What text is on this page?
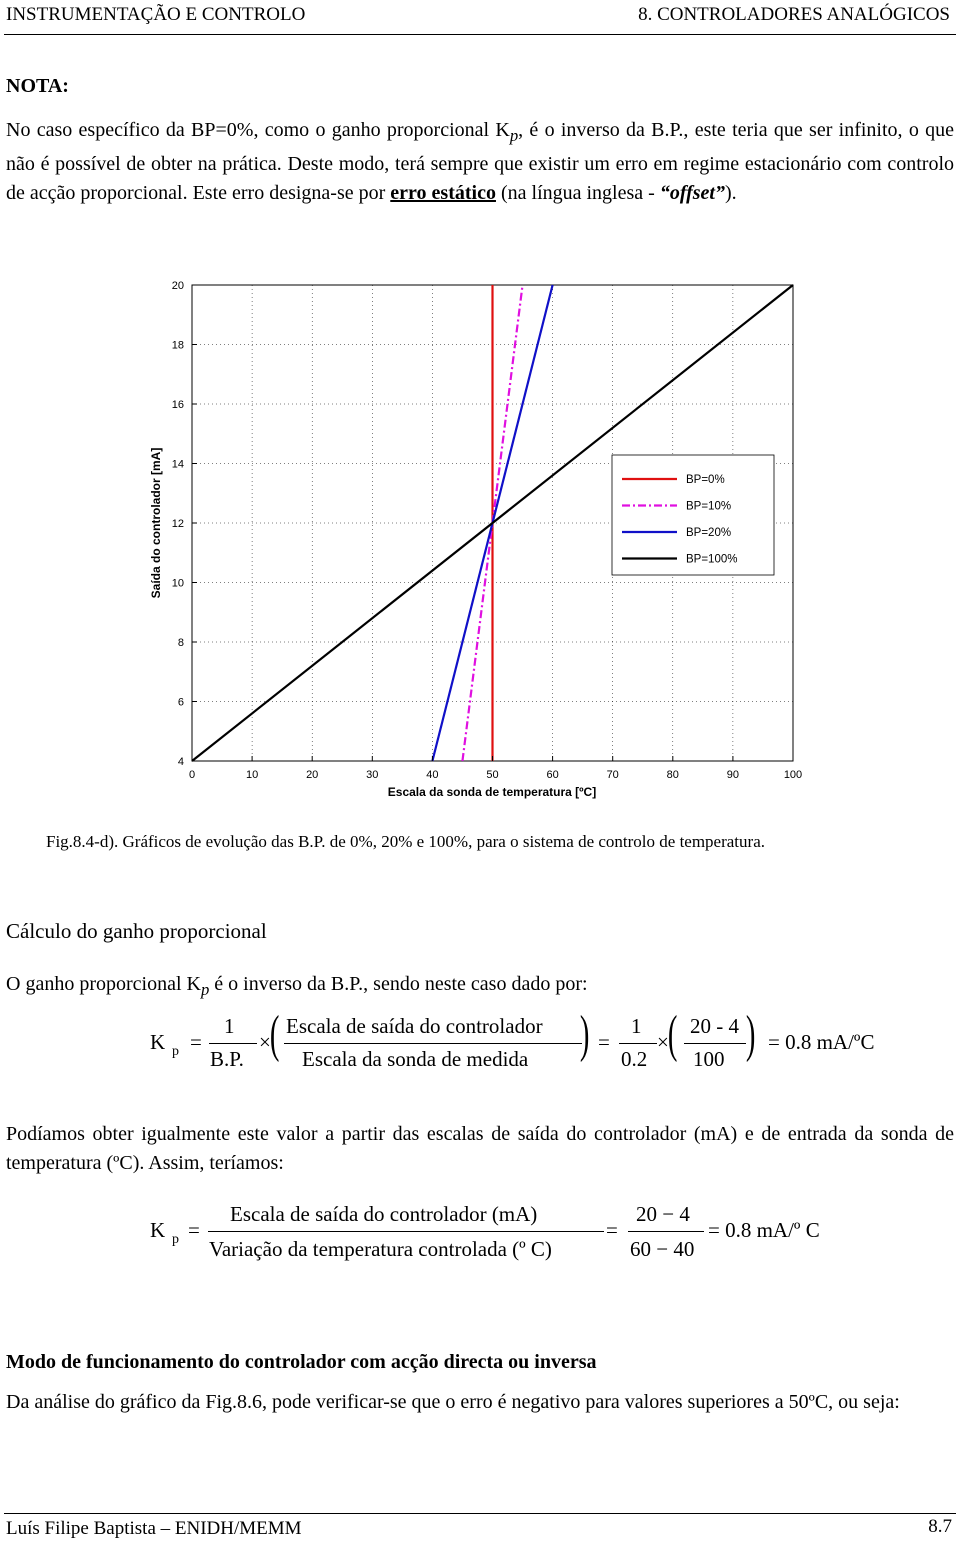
INSTRUMENTAÇÃO E CONTROLO	8. CONTROLADORES ANALÓGICOS
NOTA:
No caso específico da BP=0%, como o ganho proporcional $K_p$, é o inverso da B.P., este teria que ser infinito, o que não é possível de obter na prática. Deste modo, terá sempre que existir um erro em regime estacionário com controlo de acção proporcional. Este erro designa-se por erro estático (na língua inglesa - “offset”).
0	10	20	30	40	50	60	70	80	90	100
4
6
8
10
12
14
16
18
20
Escala da sonda de temperatura [ºC]
Saída do controlador [mA]	BP=0%
BP=10%
BP=20%
BP=100%
Fig.8.4-d). Gráficos de evolução das B.P. de 0%, 20% e 100%, para o sistema de controlo de temperatura.
Cálculo do ganho proporcional
O ganho proporcional $K_p$ é o inverso da B.P., sendo neste caso dado por:
K p =
1
B.P.
× ( Escala de saída do controlador
Escala da sonda de medida ) =
1
0.2
× ( 20 - 4
100 ) = 0.8 mA/ºC
Podíamos obter igualmente este valor a partir das escalas de saída do controlador (mA) e de entrada da sonda de temperatura (ºC). Assim, teríamos:
K p =
Escala de saída do controlador (mA)
Variação da temperatura controlada (º C)
=
20 − 4
60 − 40
= 0.8 mA/º C
Modo de funcionamento do controlador com acção directa ou inversa
Da análise do gráfico da Fig.8.6, pode verificar-se que o erro é negativo para valores superiores a 50ºC, ou seja:
Luís Filipe Baptista – ENIDH/MEMM	8.7
